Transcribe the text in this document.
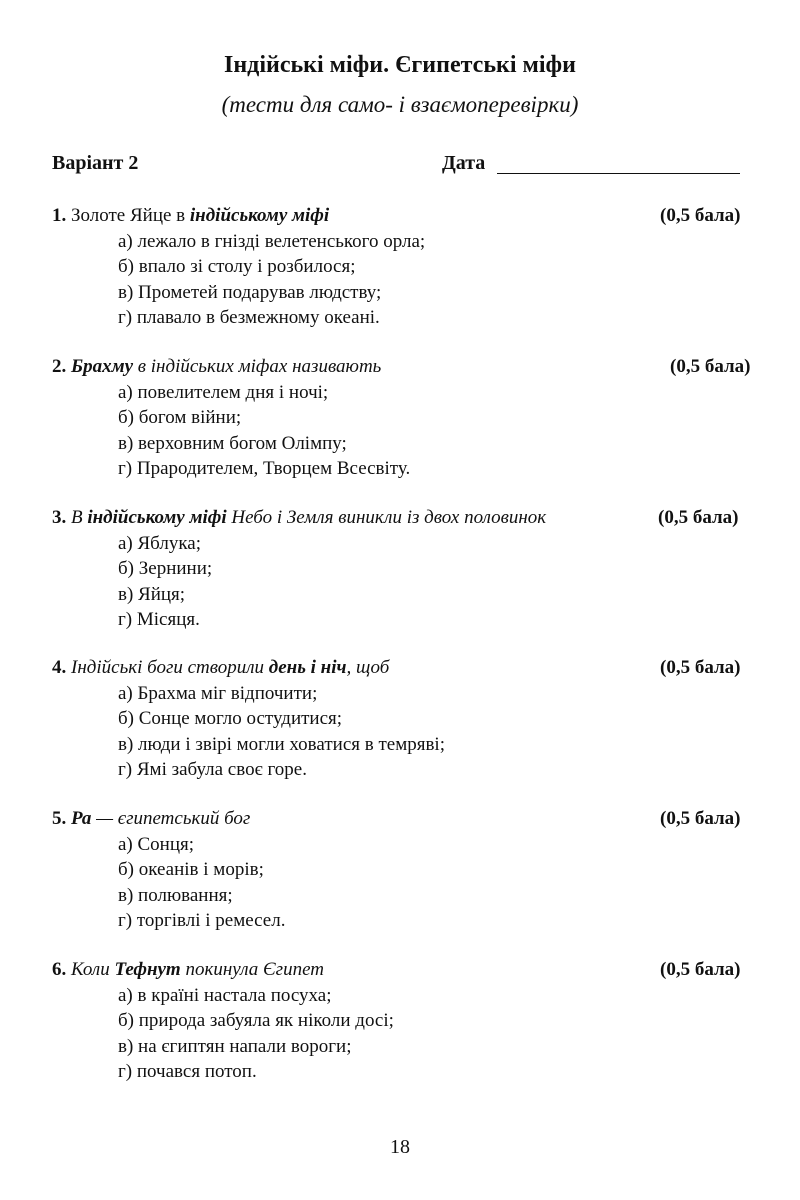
Індійські міфи. Єгипетські міфи
(тести для само- і взаємоперевірки)
Варіант 2	Дата
1. Золоте Яйце в індійському міфі	(0,5 бала)
а) лежало в гнізді велетенського орла;
б) впало зі столу і розбилося;
в) Прометей подарував людству;
г) плавало в безмежному океані.
2. Брахму в індійських міфах називають	(0,5 бала)
а) повелителем дня і ночі;
б) богом війни;
в) верховним богом Олімпу;
г) Прародителем, Творцем Всесвіту.
3. В індійському міфі Небо і Земля виникли із двох половинок	(0,5 бала)
а) Яблука;
б) Зернини;
в) Яйця;
г) Місяця.
4. Індійські боги створили день і ніч, щоб	(0,5 бала)
а) Брахма міг відпочити;
б) Сонце могло остудитися;
в) люди і звірі могли ховатися в темряві;
г) Ямі забула своє горе.
5. Ра — єгипетський бог	(0,5 бала)
а) Сонця;
б) океанів і морів;
в) полювання;
г) торгівлі і ремесел.
6. Коли Тефнут покинула Єгипет	(0,5 бала)
а) в країні настала посуха;
б) природа забуяла як ніколи досі;
в) на єгиптян напали вороги;
г) почався потоп.
18
